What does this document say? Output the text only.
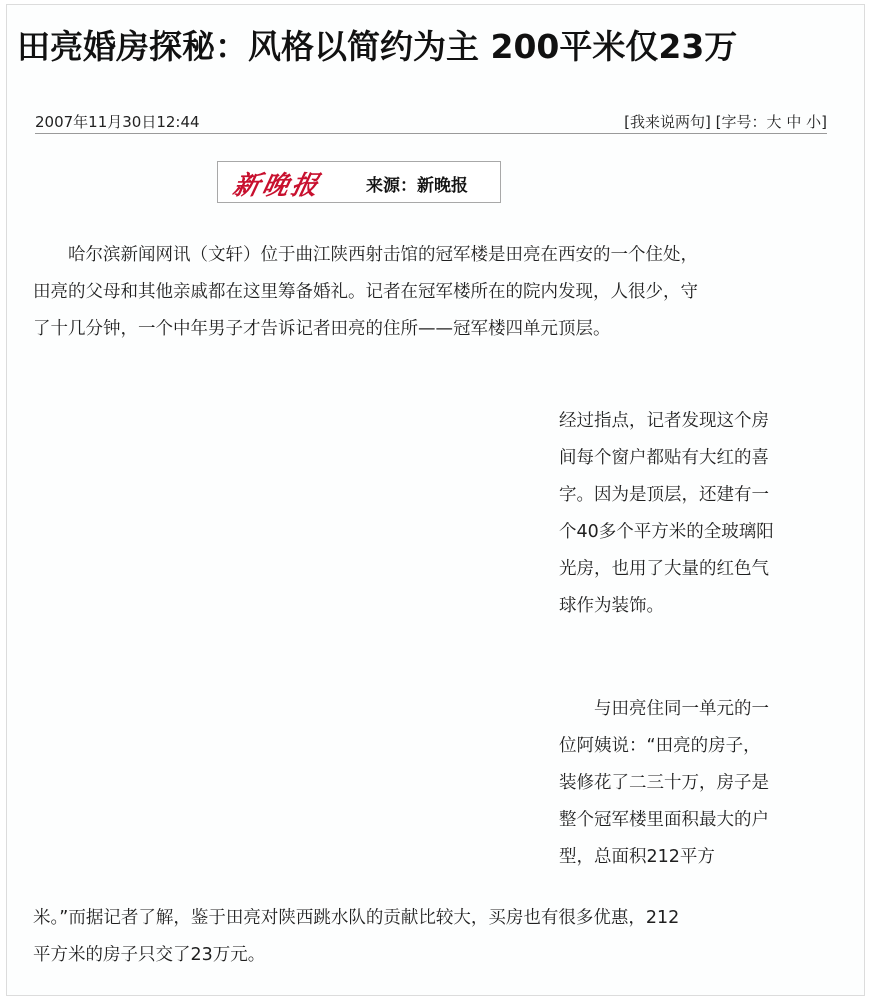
田亮婚房探秘：风格以简约为主 200平米仅23万
2007年11月30日12:44	[我来说两句] [字号：大 中 小]
新晚报 来源：新晚报
哈尔滨新闻网讯（文轩）位于曲江陕西射击馆的冠军楼是田亮在西安的一个住处，
田亮的父母和其他亲戚都在这里筹备婚礼。记者在冠军楼所在的院内发现，人很少，守
了十几分钟，一个中年男子才告诉记者田亮的住所——冠军楼四单元顶层。
经过指点，记者发现这个房
间每个窗户都贴有大红的喜
字。因为是顶层，还建有一
个40多个平方米的全玻璃阳
光房，也用了大量的红色气
球作为装饰。
与田亮住同一单元的一
位阿姨说：“田亮的房子，
装修花了二三十万，房子是
整个冠军楼里面积最大的户
型，总面积212平方
米。”而据记者了解，鉴于田亮对陕西跳水队的贡献比较大，买房也有很多优惠，212
平方米的房子只交了23万元。
